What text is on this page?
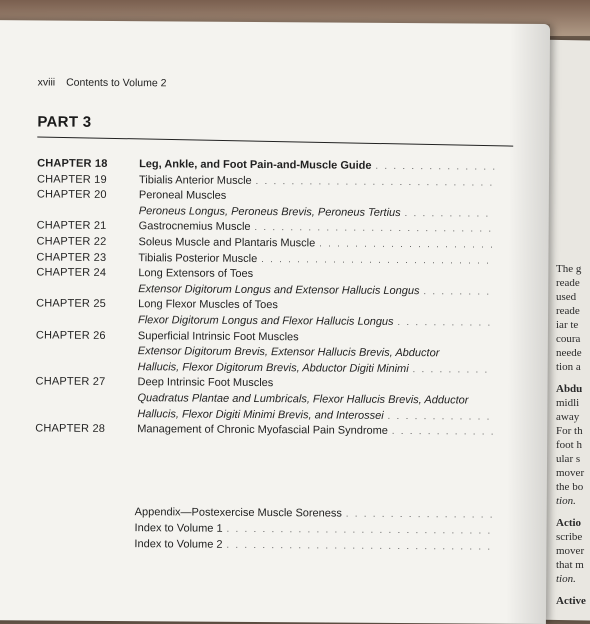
The g
reade
used
reade
iar te
coura
neede
tion a
Abdu
midli
away
For th
foot h
ular s
mover
the bo
tion.
Actio
scribe
mover
that m
tion.
Active
xviii Contents to Volume 2
PART 3
CHAPTER 18	Leg, Ankle, and Foot Pain-and-Muscle Guide
. . .
CHAPTER 19	Tibialis Anterior Muscle
. . .
CHAPTER 20	Peroneal Muscles
Peroneus Longus, Peroneus Brevis, Peroneus Tertius
. . .
CHAPTER 21	Gastrocnemius Muscle
. . .
CHAPTER 22	Soleus Muscle and Plantaris Muscle
. . .
CHAPTER 23	Tibialis Posterior Muscle
. . .
CHAPTER 24	Long Extensors of Toes
Extensor Digitorum Longus and Extensor Hallucis Longus
. . .
CHAPTER 25	Long Flexor Muscles of Toes
Flexor Digitorum Longus and Flexor Hallucis Longus
. . .
CHAPTER 26	Superficial Intrinsic Foot Muscles
Extensor Digitorum Brevis, Extensor Hallucis Brevis, Abductor
Hallucis, Flexor Digitorum Brevis, Abductor Digiti Minimi
. . .
CHAPTER 27	Deep Intrinsic Foot Muscles
Quadratus Plantae and Lumbricals, Flexor Hallucis Brevis, Adductor
Hallucis, Flexor Digiti Minimi Brevis, and Interossei
. . .
CHAPTER 28	Management of Chronic Myofascial Pain Syndrome
. . .
Appendix—Postexercise Muscle Soreness
. . .
Index to Volume 1
. . .
Index to Volume 2
. . .
